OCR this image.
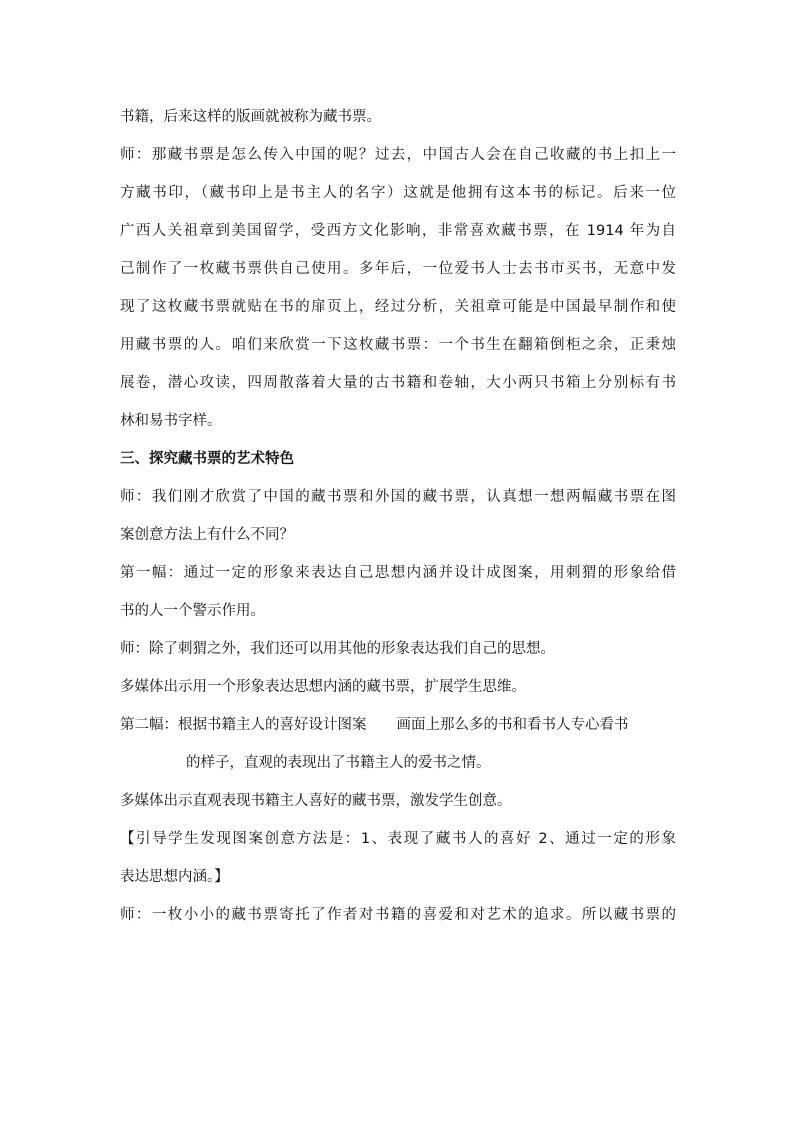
书籍，后来这样的版画就被称为藏书票。
师：那藏书票是怎么传入中国的呢？过去，中国古人会在自己收藏的书上扣上一
方藏书印，（藏书印上是书主人的名字）这就是他拥有这本书的标记。后来一位
广西人关祖章到美国留学，受西方文化影响，非常喜欢藏书票，在 1914 年为自
己制作了一枚藏书票供自己使用。多年后，一位爱书人士去书市买书，无意中发
现了这枚藏书票就贴在书的扉页上，经过分析，关祖章可能是中国最早制作和使
用藏书票的人。咱们来欣赏一下这枚藏书票：一个书生在翻箱倒柜之余，正秉烛
展卷，潜心攻读，四周散落着大量的古书籍和卷轴，大小两只书箱上分别标有书
林和易书字样。
三、探究藏书票的艺术特色
师：我们刚才欣赏了中国的藏书票和外国的藏书票，认真想一想两幅藏书票在图
案创意方法上有什么不同？
第一幅：通过一定的形象来表达自己思想内涵并设计成图案，用刺猬的形象给借
书的人一个警示作用。
师：除了刺猬之外，我们还可以用其他的形象表达我们自己的思想。
多媒体出示用一个形象表达思想内涵的藏书票，扩展学生思维。
第二幅：根据书籍主人的喜好设计图案 画面上那么多的书和看书人专心看书
的样子，直观的表现出了书籍主人的爱书之情。
多媒体出示直观表现书籍主人喜好的藏书票，激发学生创意。
【引导学生发现图案创意方法是：1、表现了藏书人的喜好 2、通过一定的形象
表达思想内涵。】
师：一枚小小的藏书票寄托了作者对书籍的喜爱和对艺术的追求。所以藏书票的
